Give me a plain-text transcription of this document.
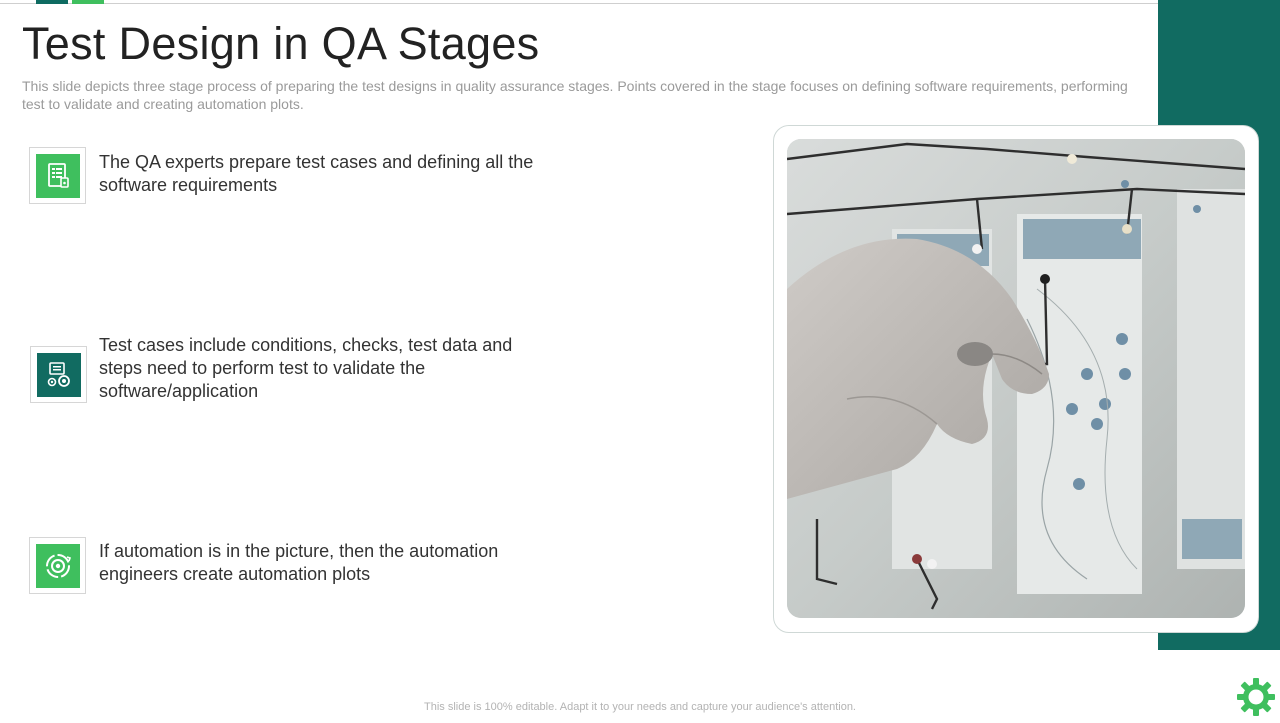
Test Design in QA Stages

This slide depicts three stage process of preparing the test designs in quality assurance stages. Points covered in the stage focuses on defining software requirements, performing test to validate and creating automation plots.

The QA experts prepare test cases and defining all the software requirements

Test cases include conditions, checks, test data and steps need to perform test to validate the software/application

If automation is in the picture, then the automation engineers create automation plots

This slide is 100% editable. Adapt it to your needs and capture your audience's attention.
